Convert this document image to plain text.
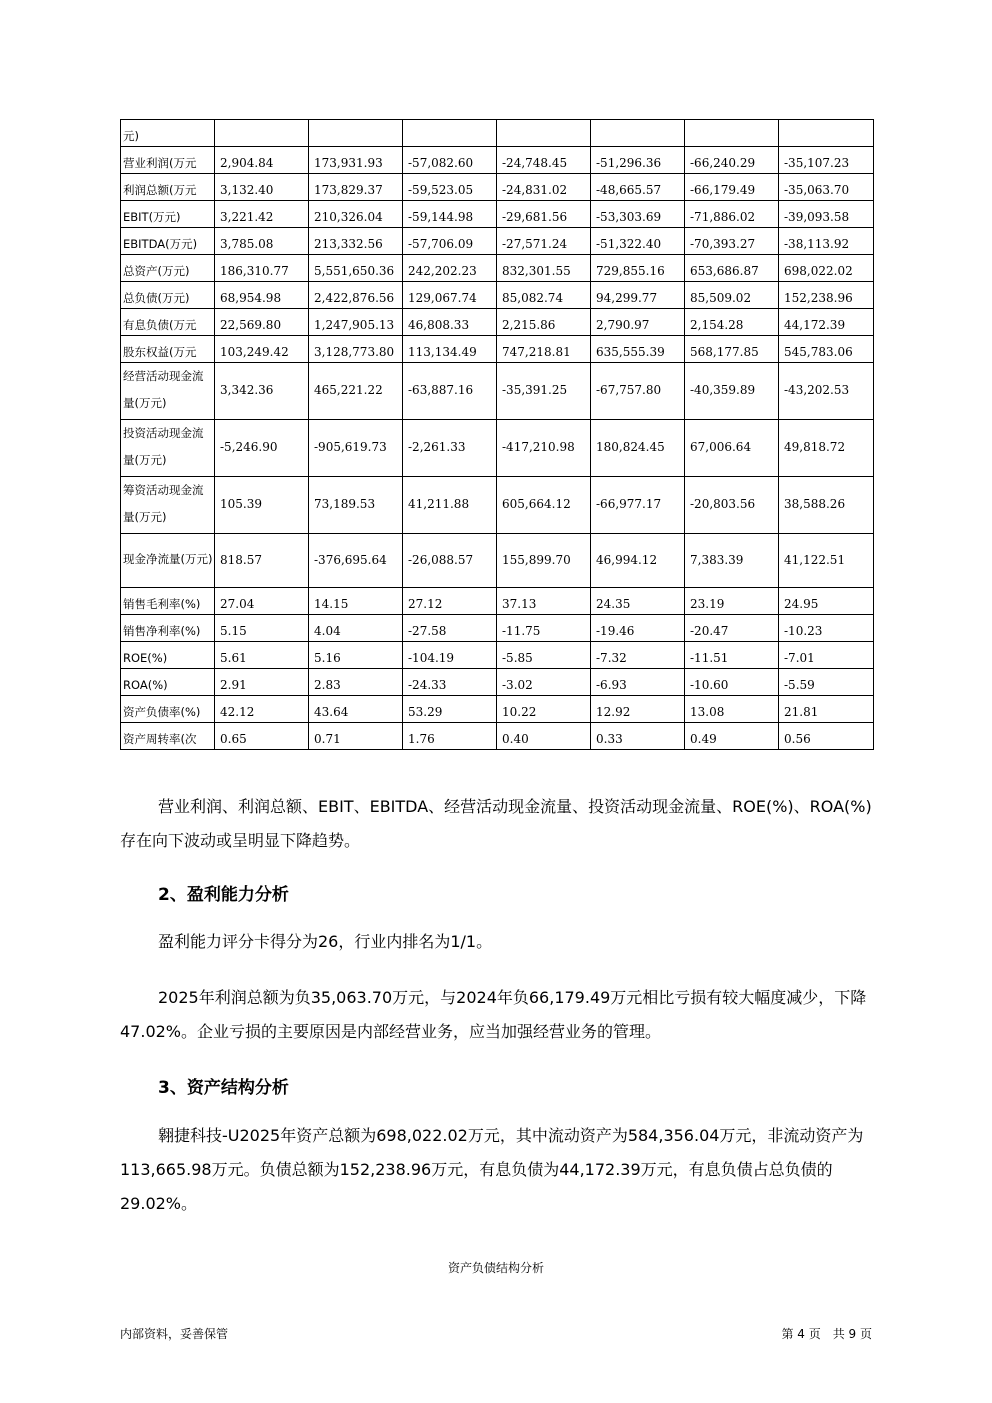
元)							
营业利润(万元	2,904.84	173,931.93	-57,082.60	-24,748.45	-51,296.36	-66,240.29	-35,107.23
利润总额(万元	3,132.40	173,829.37	-59,523.05	-24,831.02	-48,665.57	-66,179.49	-35,063.70
EBIT(万元)	3,221.42	210,326.04	-59,144.98	-29,681.56	-53,303.69	-71,886.02	-39,093.58
EBITDA(万元)	3,785.08	213,332.56	-57,706.09	-27,571.24	-51,322.40	-70,393.27	-38,113.92
总资产(万元)	186,310.77	5,551,650.36	242,202.23	832,301.55	729,855.16	653,686.87	698,022.02
总负债(万元)	68,954.98	2,422,876.56	129,067.74	85,082.74	94,299.77	85,509.02	152,238.96
有息负债(万元	22,569.80	1,247,905.13	46,808.33	2,215.86	2,790.97	2,154.28	44,172.39
股东权益(万元	103,249.42	3,128,773.80	113,134.49	747,218.81	635,555.39	568,177.85	545,783.06
经营活动现金流量(万元)	3,342.36	465,221.22	-63,887.16	-35,391.25	-67,757.80	-40,359.89	-43,202.53
投资活动现金流量(万元)	-5,246.90	-905,619.73	-2,261.33	-417,210.98	180,824.45	67,006.64	49,818.72
筹资活动现金流量(万元)	105.39	73,189.53	41,211.88	605,664.12	-66,977.17	-20,803.56	38,588.26
现金净流量(万元)	818.57	-376,695.64	-26,088.57	155,899.70	46,994.12	7,383.39	41,122.51
销售毛利率(%)	27.04	14.15	27.12	37.13	24.35	23.19	24.95
销售净利率(%)	5.15	4.04	-27.58	-11.75	-19.46	-20.47	-10.23
ROE(%)	5.61	5.16	-104.19	-5.85	-7.32	-11.51	-7.01
ROA(%)	2.91	2.83	-24.33	-3.02	-6.93	-10.60	-5.59
资产负债率(%)	42.12	43.64	53.29	10.22	12.92	13.08	21.81
资产周转率(次	0.65	0.71	1.76	0.40	0.33	0.49	0.56

营业利润、利润总额、EBIT、EBITDA、经营活动现金流量、投资活动现金流量、ROE(%)、ROA(%)存在向下波动或呈明显下降趋势。

2、盈利能力分析

盈利能力评分卡得分为26，行业内排名为1/1。

2025年利润总额为负35,063.70万元，与2024年负66,179.49万元相比亏损有较大幅度减少，下降47.02%。企业亏损的主要原因是内部经营业务，应当加强经营业务的管理。

3、资产结构分析

翱捷科技-U2025年资产总额为698,022.02万元，其中流动资产为584,356.04万元，非流动资产为113,665.98万元。负债总额为152,238.96万元，有息负债为44,172.39万元，有息负债占总负债的29.02%。

资产负债结构分析
内部资料，妥善保管	第 4 页　共 9 页
